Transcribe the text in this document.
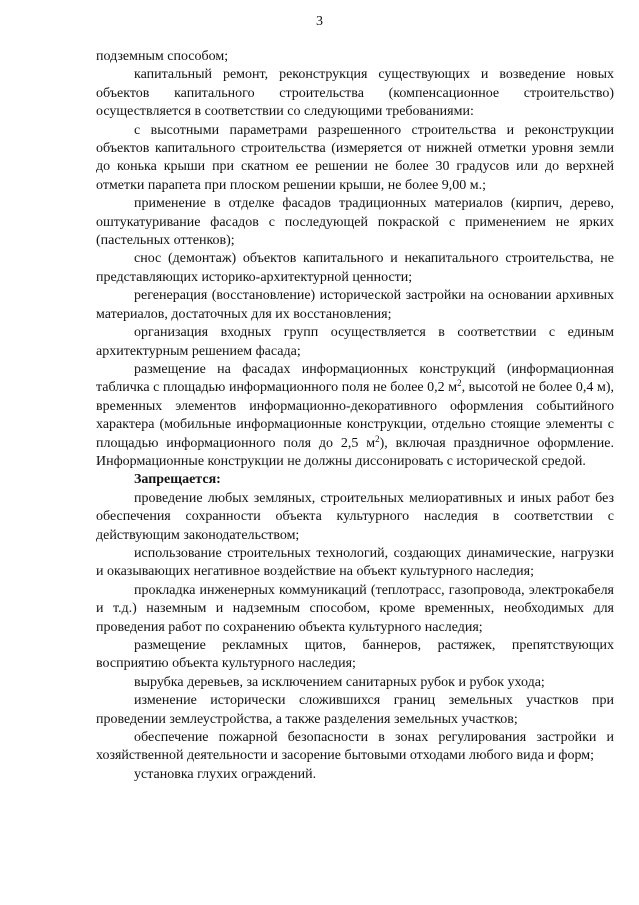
3

подземным способом;

капитальный ремонт, реконструкция существующих и возведение новых объектов капитального строительства (компенсационное строительство) осуществляется в соответствии со следующими требованиями:

с высотными параметрами разрешенного строительства и реконструкции объектов капитального строительства (измеряется от нижней отметки уровня земли до конька крыши при скатном ее решении не более 30 градусов или до верхней отметки парапета при плоском решении крыши, не более 9,00 м.;

применение в отделке фасадов традиционных материалов (кирпич, дерево, оштукатуривание фасадов с последующей покраской с применением не ярких (пастельных оттенков);

снос (демонтаж) объектов капитального и некапитального строительства, не представляющих историко-архитектурной ценности;

регенерация (восстановление) исторической застройки на основании архивных материалов, достаточных для их восстановления;

организация входных групп осуществляется в соответствии с единым архитектурным решением фасада;

размещение на фасадах информационных конструкций (информационная табличка с площадью информационного поля не более 0,2 $м^2$, высотой не более 0,4 м), временных элементов информационно-декоративного оформления событийного характера (мобильные информационные конструкции, отдельно стоящие элементы с площадью информационного поля до 2,5 $м^2$), включая праздничное оформление. Информационные конструкции не должны диссонировать с исторической средой.

Запрещается:

проведение любых земляных, строительных мелиоративных и иных работ без обеспечения сохранности объекта культурного наследия в соответствии с действующим законодательством;

использование строительных технологий, создающих динамические, нагрузки и оказывающих негативное воздействие на объект культурного наследия;

прокладка инженерных коммуникаций (теплотрасс, газопровода, электрокабеля и т.д.) наземным и надземным способом, кроме временных, необходимых для проведения работ по сохранению объекта культурного наследия;

размещение рекламных щитов, баннеров, растяжек, препятствующих восприятию объекта культурного наследия;

вырубка деревьев, за исключением санитарных рубок и рубок ухода;

изменение исторически сложившихся границ земельных участков при проведении землеустройства, а также разделения земельных участков;

обеспечение пожарной безопасности в зонах регулирования застройки и хозяйственной деятельности и засорение бытовыми отходами любого вида и форм;

установка глухих ограждений.
